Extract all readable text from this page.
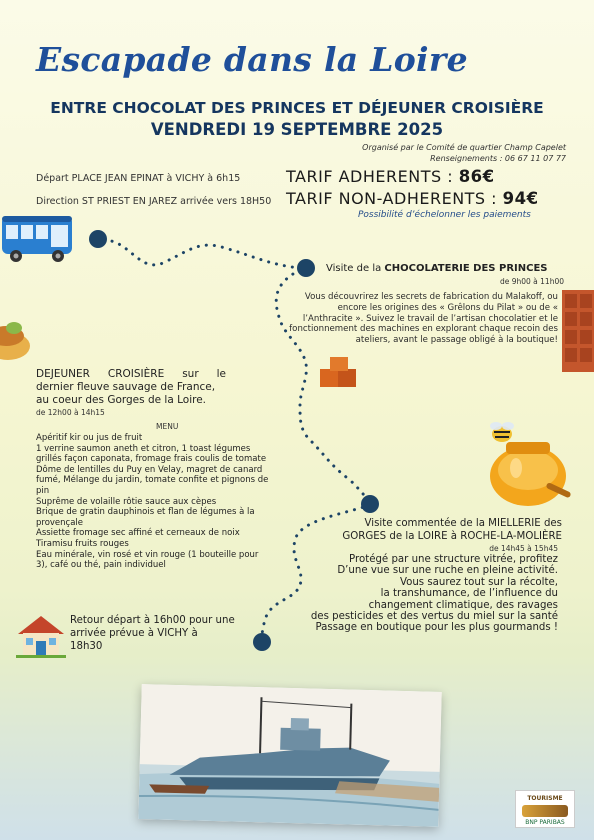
Escapade dans la Loire
ENTRE CHOCOLAT DES PRINCES ET DÉJEUNER CROISIÈRE
VENDREDI 19 SEPTEMBRE 2025
Organisé par le Comité de quartier Champ Capelet
Renseignements : 06 67 11 07 77
Départ PLACE JEAN EPINAT à VICHY à 6h15
Direction ST PRIEST EN JAREZ arrivée vers 18H50
TARIF ADHERENTS : 86€
TARIF NON-ADHERENTS : 94€
Possibilité d’échelonner les paiements
Visite de la CHOCOLATERIE DES PRINCES
de 9h00 à 11h00
Vous découvrirez les secrets de fabrication du Malakoff, ou encore les origines des « Grêlons du Pilat » ou de « l’Anthracite ». Suivez le travail de l’artisan chocolatier et le fonctionnement des machines en explorant chaque recoin des ateliers, avant le passage obligé à la boutique!
DEJEUNER CROISIÈRE sur le
dernier fleuve sauvage de France,
au coeur des Gorges de la Loire.
de 12h00 à 14h15
MENU
Apéritif kir ou jus de fruit
1 verrine saumon aneth et citron, 1 toast légumes grillés façon caponata, fromage frais coulis de tomate
Dôme de lentilles du Puy en Velay, magret de canard fumé, Mélange du jardin, tomate confite et pignons de pin
Suprême de volaille rôtie sauce aux cèpes
Brique de gratin dauphinois et flan de légumes à la provençale
Assiette fromage sec affiné et cerneaux de noix
Tiramisu fruits rouges
Eau minérale, vin rosé et vin rouge (1 bouteille pour 3), café ou thé, pain individuel
Visite commentée de la MIELLERIE des
GORGES de la LOIRE à ROCHE-LA-MOLIÈRE
de 14h45 à 15h45
Protégé par une structure vitrée, profitez
D’une vue sur une ruche en pleine activité.
Vous saurez tout sur la récolte,
la transhumance, de l’influence du
changement climatique, des ravages
des pesticides et des vertus du miel sur la santé
Passage en boutique pour les plus gourmands !
Retour départ à 16h00 pour une
arrivée prévue à VICHY à
18h30
TOURISME
BNP PARIBAS
